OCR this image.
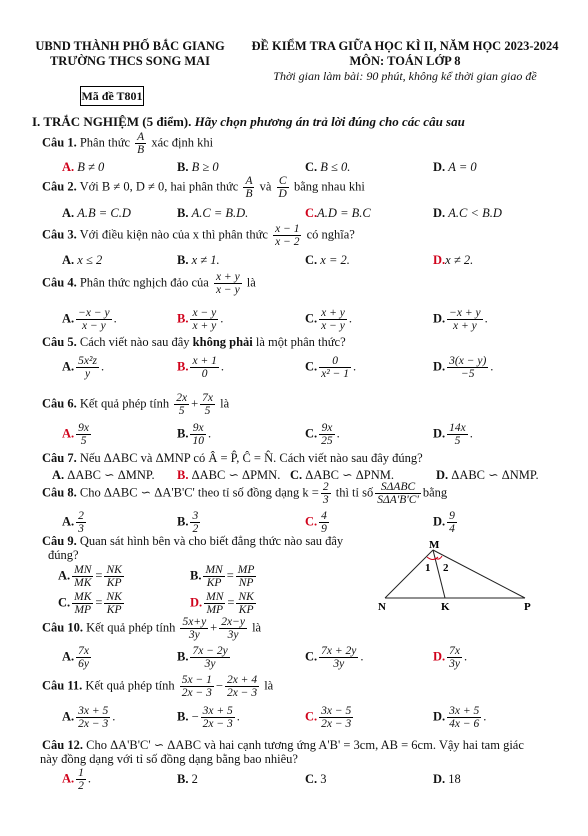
UBND THÀNH PHỐ BẮC GIANG
TRƯỜNG THCS SONG MAI
ĐỀ KIỂM TRA GIỮA HỌC KÌ II, NĂM HỌC 2023-2024
MÔN: TOÁN LỚP 8
Thời gian làm bài: 90 phút, không kể thời gian giao đề
Mã đề T801
I. TRẮC NGHIỆM (5 điểm). Hãy chọn phương án trả lời đúng cho các câu sau
Câu 1. Phân thức $\frac{A}{B}$ xác định khi
A. B ≠ 0	B. B ≥ 0	C. B ≤ 0.	D. A = 0
Câu 2. Với B ≠ 0, D ≠ 0, hai phân thức $\frac{A}{B}$ và $\frac{C}{D}$ bằng nhau khi
A. A.B = C.D	B. A.C = B.D.	C.A.D = B.C	D. A.C < B.D
Câu 3. Với điều kiện nào của x thì phân thức $\frac{x - 1}{x - 2}$ có nghĩa?
A. x ≤ 2	B. x ≠ 1.	C. x = 2.	D.x ≠ 2.
Câu 4. Phân thức nghịch đảo của $\frac{x + y}{x - y}$ là
A. $\frac{-x - y}{x - y}$ .	B. $\frac{x - y}{x + y}$ .	C. $\frac{x + y}{x - y}$ .	D. $\frac{-x + y}{x + y}$ .
Câu 5. Cách viết nào sau đây không phải là một phân thức?
A. $\frac{\text{5x²z}}{y}$ .	B. $\frac{x + 1}{0}$ .	C. $\frac{0}{\text{x² − 1}}$ .	D. $\frac{3(x - y)}{-5}$ .
Câu 6. Kết quả phép tính $\frac{2x}{5} + \frac{7x}{5}$ là
A. $\frac{9x}{5}$	B. $\frac{9x}{10}$ .	C. $\frac{9x}{25}$ .	D. $\frac{14x}{5}$ .
Câu 7. Nếu ΔABC và ΔMNP có Â = P̂, Ĉ = N̂. Cách viết nào sau đây đúng?
A. ΔABC ∽ ΔMNP. B. ΔABC ∽ ΔPMN. C. ΔABC ∽ ΔPNM.	D. ΔABC ∽ ΔNMP.
Câu 8. Cho ΔABC ∽ ΔA'B'C' theo tỉ số đồng dạng $k = \frac{2}{3}$ thì tỉ số $\frac{\text{SΔABC}}{\text{SΔA'B'C'}}$ bằng
A. $\frac{2}{3}$	B. $\frac{3}{2}$	C. $\frac{4}{9}$	D. $\frac{9}{4}$
Câu 9. Quan sát hình bên và cho biết đẳng thức nào sau đây
đúng?
A. $\frac{MN}{MK} = \frac{NK}{KP}$	B. $\frac{MN}{KP} = \frac{MP}{NP}$
C. $\frac{MK}{MP} = \frac{NK}{KP}$	D. $\frac{MN}{MP} = \frac{NK}{KP}$
M
N	K	P
1 2
Câu 10. Kết quả phép tính $\frac{5x+y}{3y} + \frac{2x-y}{3y}$ là
A. $\frac{7x}{6y}$	B. $\frac{7x - 2y}{3y}$	C. $\frac{7x + 2y}{3y}$ .	D. $\frac{7x}{3y}$ .
Câu 11. Kết quả phép tính $\frac{5x - 1}{2x - 3} - \frac{2x + 4}{2x - 3}$ là
A. $\frac{3x + 5}{2x - 3}$ .	B. − $\frac{3x + 5}{2x - 3}$ .	C. $\frac{3x - 5}{2x - 3}$	D. $\frac{3x + 5}{4x - 6}$ .
Câu 12. Cho ΔA'B'C' ∽ ΔABC và hai cạnh tương ứng A'B' = 3cm, AB = 6cm. Vậy hai tam giác
này đồng dạng với tỉ số đồng dạng bằng bao nhiêu?
A. $\frac{1}{2}$ .	B. 2	C. 3	D. 18
